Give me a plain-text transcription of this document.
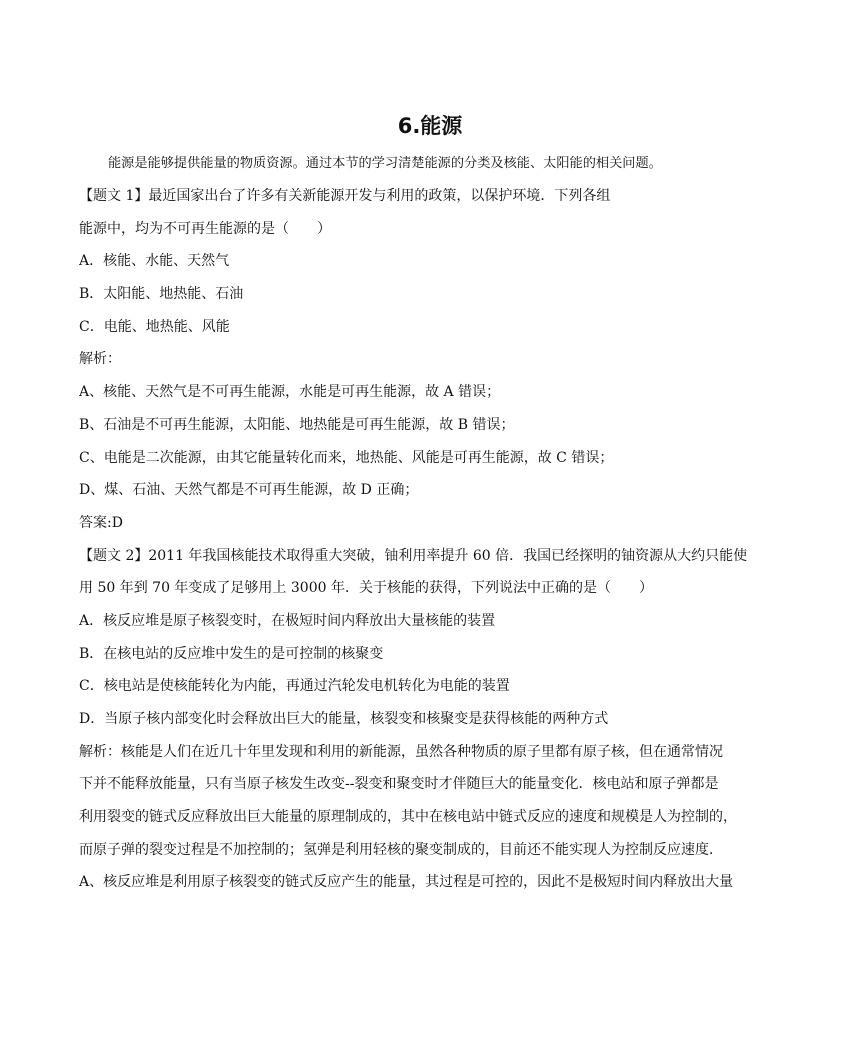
6.能源
能源是能够提供能量的物质资源。通过本节的学习清楚能源的分类及核能、太阳能的相关问题。
【题文 1】最近国家出台了许多有关新能源开发与利用的政策，以保护环境．下列各组
能源中，均为不可再生能源的是（　　）
A．核能、水能、天然气
B．太阳能、地热能、石油
C．电能、地热能、风能
解析：
A、核能、天然气是不可再生能源，水能是可再生能源，故 A 错误；
B、石油是不可再生能源，太阳能、地热能是可再生能源，故 B 错误；
C、电能是二次能源，由其它能量转化而来，地热能、风能是可再生能源，故 C 错误；
D、煤、石油、天然气都是不可再生能源，故 D 正确；
答案:D
【题文 2】2011 年我国核能技术取得重大突破，铀利用率提升 60 倍．我国已经探明的铀资源从大约只能使
用 50 年到 70 年变成了足够用上 3000 年．关于核能的获得，下列说法中正确的是（　　）
A．核反应堆是原子核裂变时，在极短时间内释放出大量核能的装置
B．在核电站的反应堆中发生的是可控制的核聚变
C．核电站是使核能转化为内能，再通过汽轮发电机转化为电能的装置
D．当原子核内部变化时会释放出巨大的能量，核裂变和核聚变是获得核能的两种方式
解析：核能是人们在近几十年里发现和利用的新能源，虽然各种物质的原子里都有原子核，但在通常情况
下并不能释放能量，只有当原子核发生改变--裂变和聚变时才伴随巨大的能量变化．核电站和原子弹都是
利用裂变的链式反应释放出巨大能量的原理制成的，其中在核电站中链式反应的速度和规模是人为控制的，
而原子弹的裂变过程是不加控制的；氢弹是利用轻核的聚变制成的，目前还不能实现人为控制反应速度．
A、核反应堆是利用原子核裂变的链式反应产生的能量，其过程是可控的，因此不是极短时间内释放出大量
